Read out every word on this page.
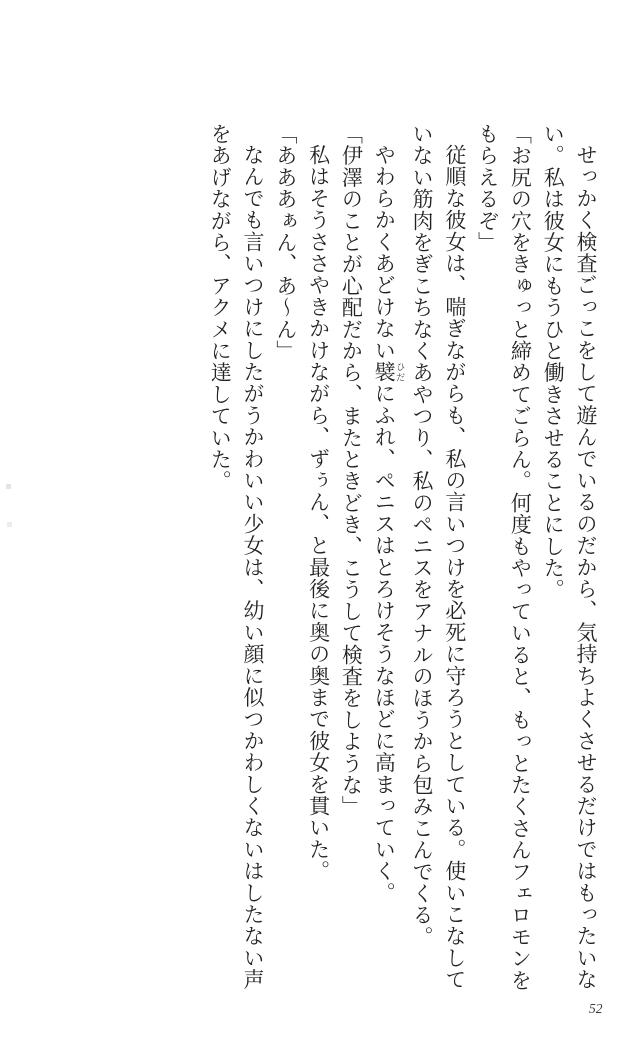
せっかく検査ごっこをして遊んでいるのだから、気持ちよくさせるだけではもったいない。私は彼女にもうひと働きさせることにした。

「お尻の穴をきゅっと締めてごらん。何度もやっていると、もっとたくさんフェロモンをもらえるぞ」

従順な彼女は、喘ぎながらも、私の言いつけを必死に守ろうとしている。使いこなしていない筋肉をぎこちなくあやつり、私のペニスをアナルのほうから包みこんでくる。

やわらかくあどけない襞 ひだにふれ、ペニスはとろけそうなほどに高まっていく。

「伊澤のことが心配だから、またときどき、こうして検査をしような」

私はそうささやきかけながら、ずぅん、と最後に奥の奥まで彼女を貫いた。

「あああぁん、あ〜ん」

なんでも言いつけにしたがうかわいい少女は、幼い顔に似つかわしくないはしたない声をあげながら、アクメに達していた。

52
